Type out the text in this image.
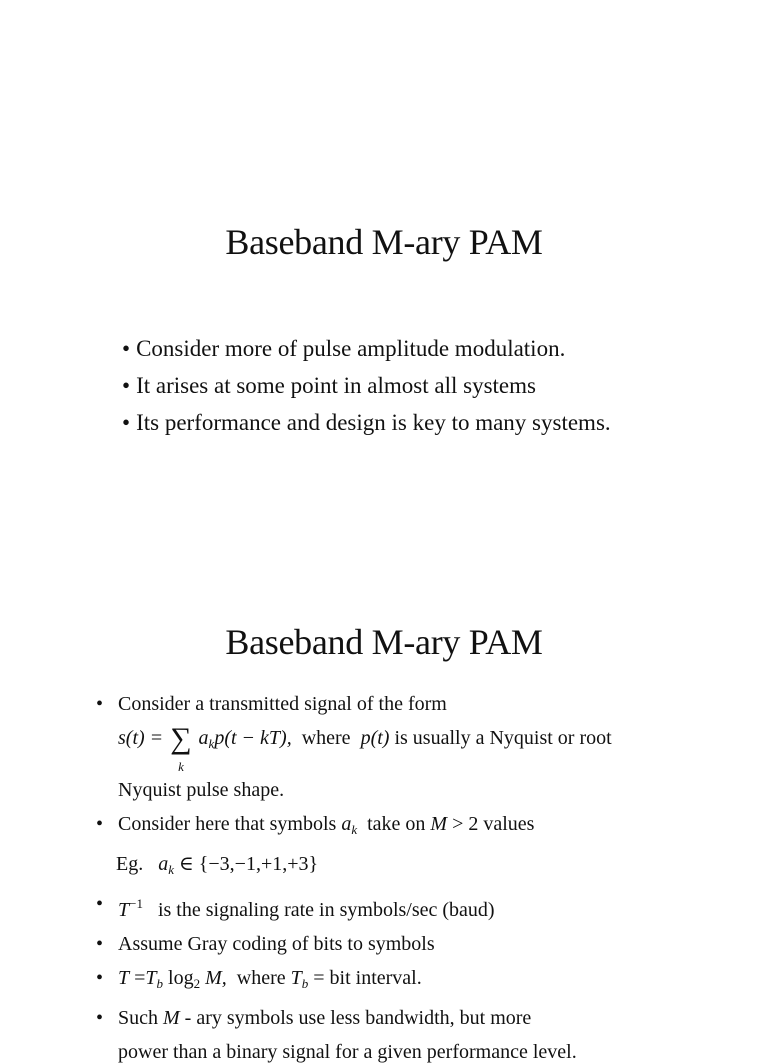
Baseband M-ary PAM
• Consider more of pulse amplitude modulation.
• It arises at some point in almost all systems
• Its performance and design is key to many systems.
Baseband M-ary PAM
• Consider a transmitted signal of the form
s(t) = ∑
k
$a_kp(t - kT)$, where p(t) is usually a Nyquist or root
Nyquist pulse shape.
• Consider here that symbols $a_k$ take on M > 2 values
Eg. $a_k$ ∈ {−3,−1,+1,+3}
• $T^{-1}$ is the signaling rate in symbols/sec (baud)
• Assume Gray coding of bits to symbols
• $T =T_b$ $\log_2 M$, where $T_b$ = bit interval.
• Such M - ary symbols use less bandwidth, but more
power than a binary signal for a given performance level.
